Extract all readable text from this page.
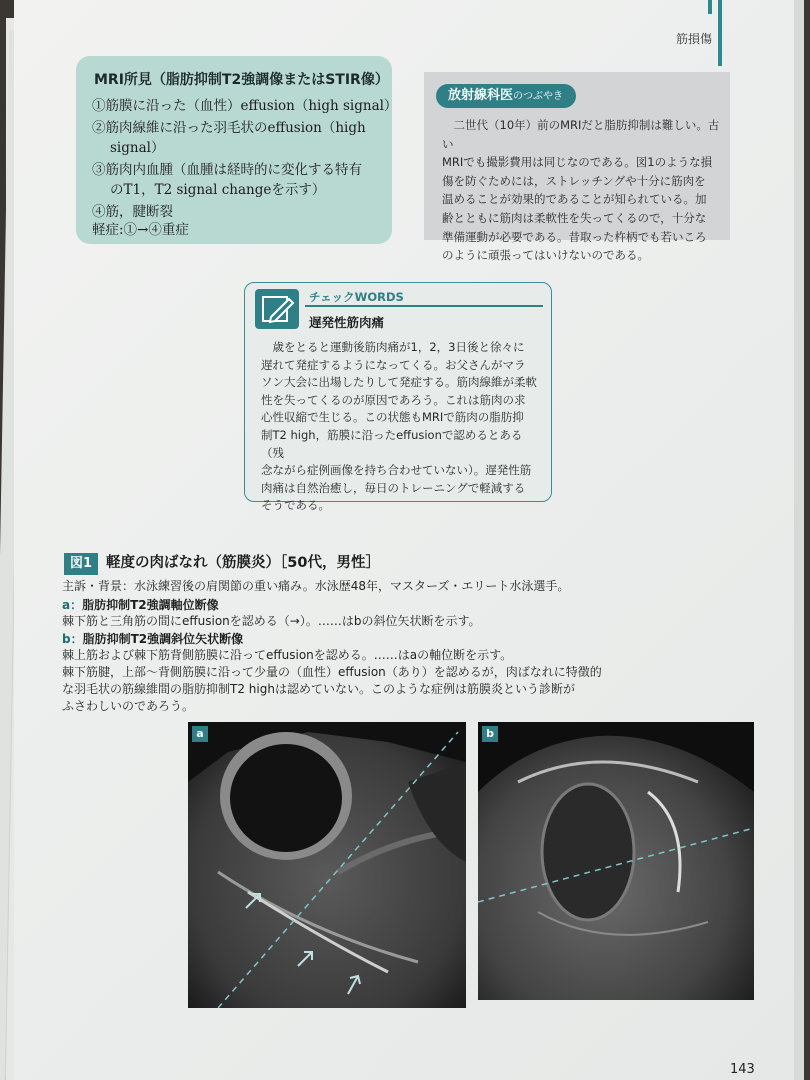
筋損傷
MRI所見（脂肪抑制T2強調像またはSTIR像）
①筋膜に沿った（血性）effusion（high signal）
②筋肉線維に沿った羽毛状のeffusion（high
signal）
③筋肉内血腫（血腫は経時的に変化する特有
のT1，T2 signal changeを示す）
④筋，腱断裂
軽症:①→④重症
放射線科医のつぶやき
　二世代（10年）前のMRIだと脂肪抑制は難しい。古い
MRIでも撮影費用は同じなのである。図1のような損
傷を防ぐためには，ストレッチングや十分に筋肉を
温めることが効果的であることが知られている。加
齢とともに筋肉は柔軟性を失ってくるので，十分な
準備運動が必要である。昔取った杵柄でも若いころ
のように頑張ってはいけないのである。
チェックWORDS
遅発性筋肉痛
　歳をとると運動後筋肉痛が1，2，3日後と徐々に
遅れて発症するようになってくる。お父さんがマラ
ソン大会に出場したりして発症する。筋肉線維が柔軟
性を失ってくるのが原因であろう。これは筋肉の求
心性収縮で生じる。この状態もMRIで筋肉の脂肪抑
制T2 high，筋膜に沿ったeffusionで認めるとある（残
念ながら症例画像を持ち合わせていない）。遅発性筋
肉痛は自然治癒し，毎日のトレーニングで軽減する
そうである。
図1 軽度の肉ばなれ（筋膜炎）［50代，男性］
主訴・背景：水泳練習後の肩関節の重い痛み。水泳歴48年，マスターズ・エリート水泳選手。
a：脂肪抑制T2強調軸位断像
棘下筋と三角筋の間にeffusionを認める（→）。……はbの斜位矢状断を示す。
b：脂肪抑制T2強調斜位矢状断像
棘上筋および棘下筋背側筋膜に沿ってeffusionを認める。……はaの軸位断を示す。
棘下筋腱，上部～背側筋膜に沿って少量の（血性）effusion（あり）を認めるが，肉ばなれに特徴的
な羽毛状の筋線維間の脂肪抑制T2 highは認めていない。このような症例は筋膜炎という診断が
ふさわしいのであろう。
a	b
143
